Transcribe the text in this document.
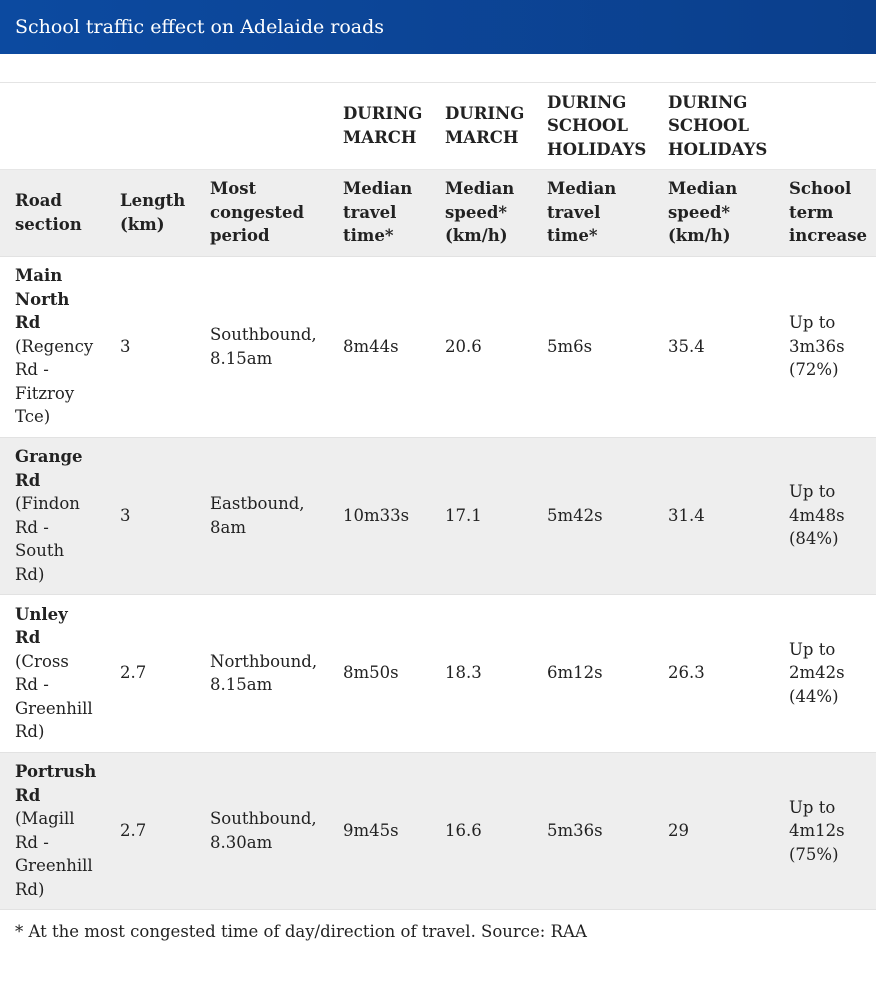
School traffic effect on Adelaide roads
			DURING MARCH	DURING MARCH	DURING SCHOOL HOLIDAYS	DURING SCHOOL HOLIDAYS	
Road section	Length (km)	Most congested period	Median travel time*	Median speed* (km/h)	Median travel time*	Median speed* (km/h)	School term increase

Main North Rd
(Regency Rd - Fitzroy Tce)	3	Southbound, 8.15am	8m44s	20.6	5m6s	35.4	Up to 3m36s (72%)

Grange Rd
(Findon Rd - South Rd)	3	Eastbound, 8am	10m33s	17.1	5m42s	31.4	Up to 4m48s (84%)

Unley Rd
(Cross Rd - Greenhill Rd)	2.7	Northbound, 8.15am	8m50s	18.3	6m12s	26.3	Up to 2m42s (44%)

Portrush Rd
(Magill Rd - Greenhill Rd)	2.7	Southbound, 8.30am	9m45s	16.6	5m36s	29	Up to 4m12s (75%)
* At the most congested time of day/direction of travel. Source: RAA
